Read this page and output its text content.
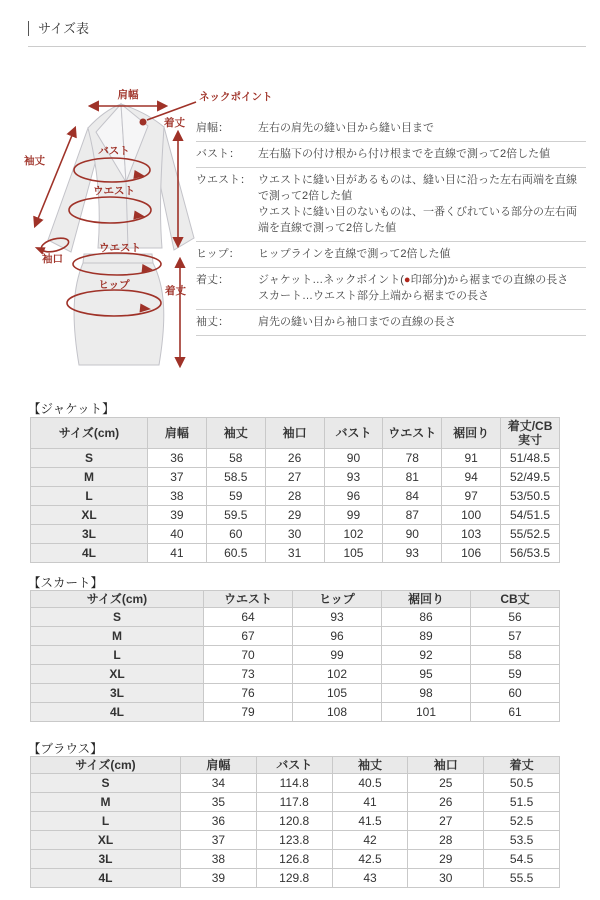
サイズ表
肩幅	ネックポイント
着丈
袖丈
バスト
ウエスト
袖口
ウエスト
ヒップ	着丈
肩幅：	左右の肩先の縫い目から縫い目まで
バスト：	左右脇下の付け根から付け根までを直線で測って2倍した値
ウエスト： ウエストに縫い目があるものは、縫い目に沿った左右両端を直線で測って2倍した値
ウエストに縫い目のないものは、一番くびれている部分の左右両端を直線で測って2倍した値
ヒップ：	ヒップラインを直線で測って2倍した値
着丈：	ジャケット…ネックポイント(●印部分)から裾までの直線の長さ
スカート…ウエスト部分上端から裾までの長さ
袖丈：	肩先の縫い目から袖口までの直線の長さ
【ジャケット】
サイズ(cm)	肩幅	袖丈	袖口	バスト	ウエスト	裾回り	着丈/CB実寸
S	36	58	26	90	78	91	51/48.5
M	37	58.5	27	93	81	94	52/49.5
L	38	59	28	96	84	97	53/50.5
XL	39	59.5	29	99	87	100	54/51.5
3L	40	60	30	102	90	103	55/52.5
4L	41	60.5	31	105	93	106	56/53.5
【スカート】
サイズ(cm)	ウエスト	ヒップ	裾回り	CB丈
S	64	93	86	56
M	67	96	89	57
L	70	99	92	58
XL	73	102	95	59
3L	76	105	98	60
4L	79	108	101	61
【ブラウス】
サイズ(cm)	肩幅	バスト	袖丈	袖口	着丈
S	34	114.8	40.5	25	50.5
M	35	117.8	41	26	51.5
L	36	120.8	41.5	27	52.5
XL	37	123.8	42	28	53.5
3L	38	126.8	42.5	29	54.5
4L	39	129.8	43	30	55.5
